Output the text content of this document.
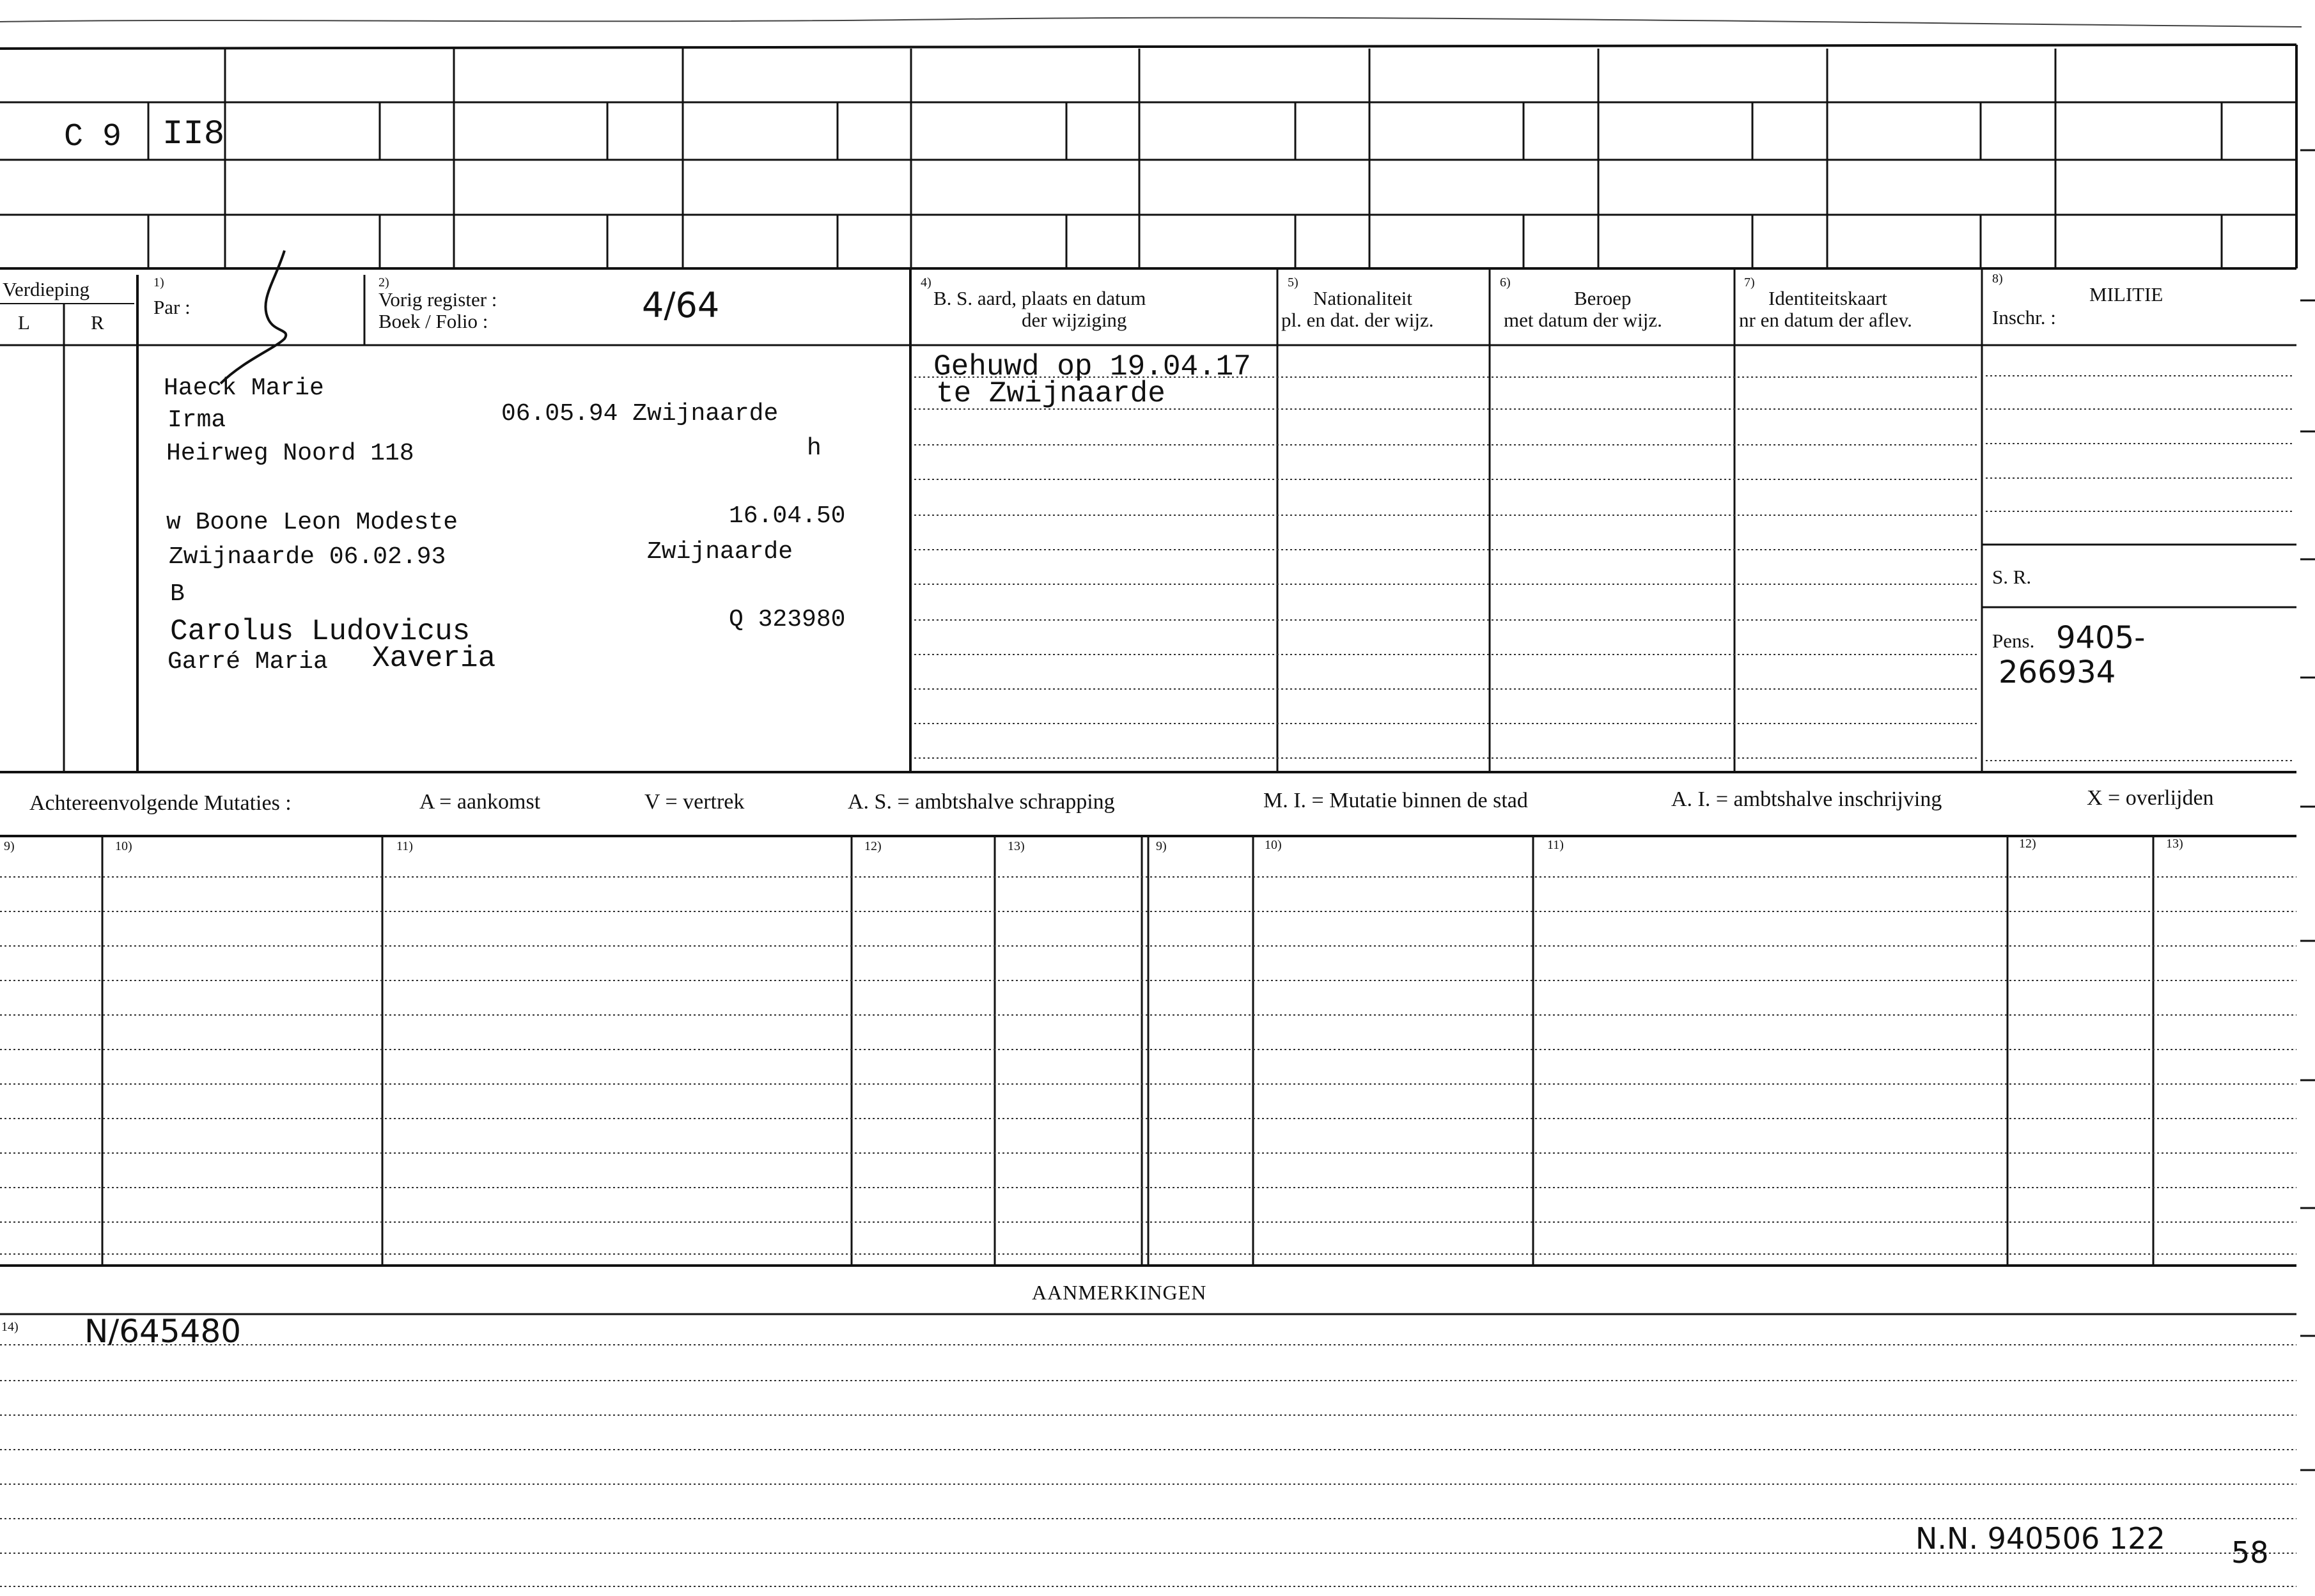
C 9 II8
Verdieping
L	R
1)
Par :
2)
Vorig register :
Boek / Folio :	4/64
4)
B. S. aard, plaats en datum
der wijziging
5)
Nationaliteit
pl. en dat. der wijz.
6)
Beroep
met datum der wijz.
7)
Identiteitskaart
nr en datum der aflev.
8)
MILITIE
Inschr. :
Haeck Marie
Irma	06.05.94 Zwijnaarde
Heirweg Noord 118	h
w Boone Leon Modeste	16.04.50
Zwijnaarde 06.02.93	Zwijnaarde
B
Carolus Ludovicus	Q 323980
Garré Maria Xaveria
Gehuwd op 19.04.17
te Zwijnaarde
S. R.
Pens. 9405-
266934
Achtereenvolgende Mutaties :	A = aankomst	V = vertrek	A. S. = ambtshalve schrapping	M. I. = Mutatie binnen de stad	A. I. = ambtshalve inschrijving	X = overlijden
9)	10)	11)	12)	13)	9)	10)	11)	12)	13)
AANMERKINGEN
14) N/645480
N.N. 940506 122 58
